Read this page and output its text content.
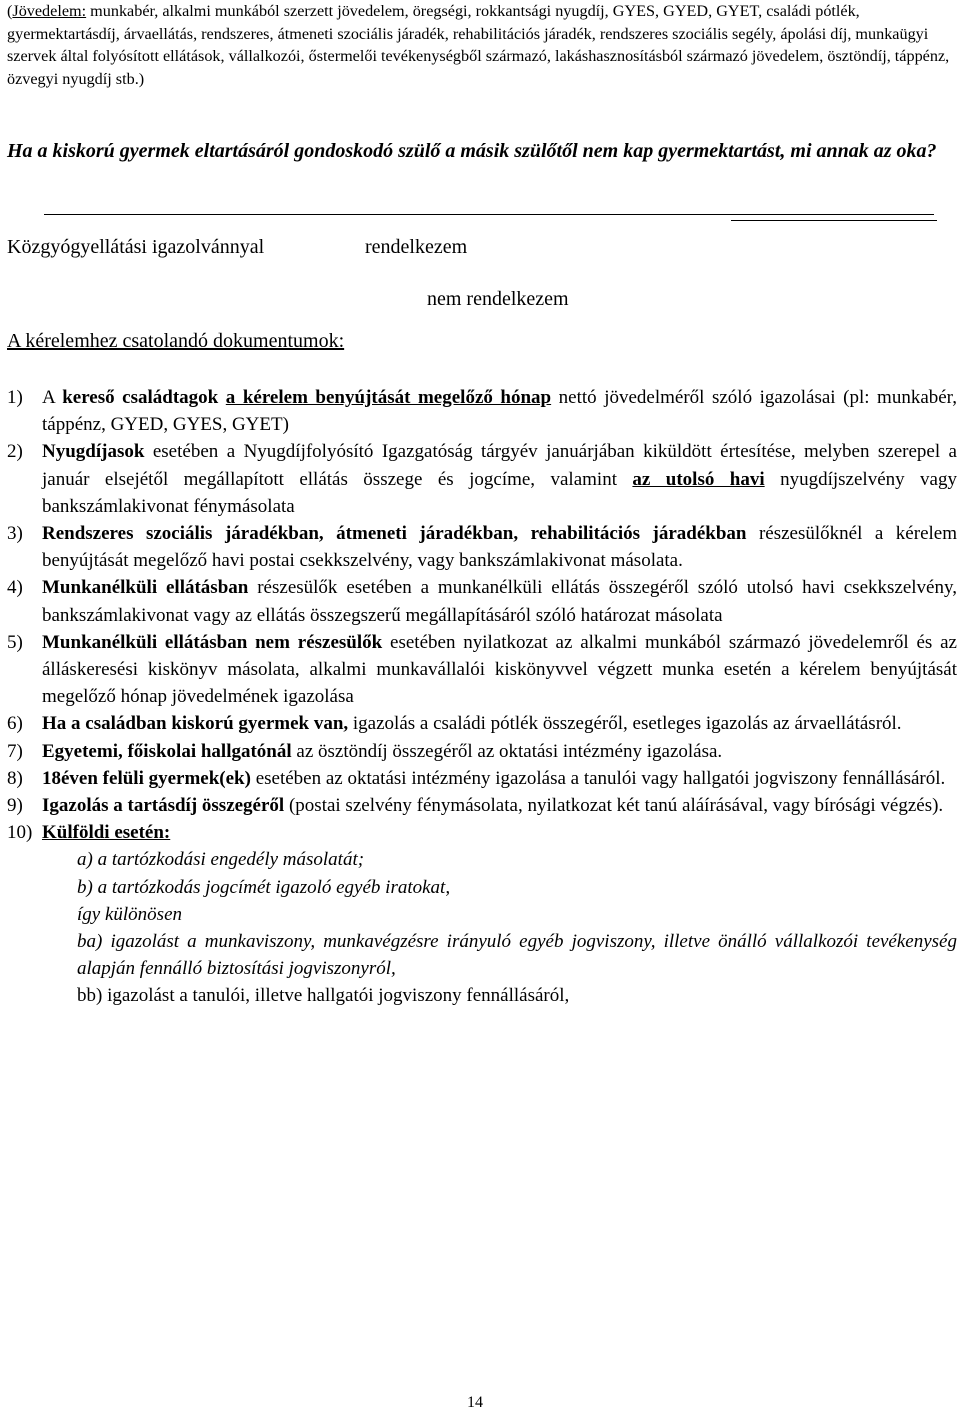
(Jövedelem: munkabér, alkalmi munkából szerzett jövedelem, öregségi, rokkantsági nyugdíj, GYES, GYED, GYET, családi pótlék, gyermektartásdíj, árvaellátás, rendszeres, átmeneti szociális járadék, rehabilitációs járadék, rendszeres szociális segély, ápolási díj, munkaügyi szervek által folyósított ellátások, vállalkozói, őstermelői tevékenységből származó, lakáshasznosításból származó jövedelem, ösztöndíj, táppénz, özvegyi nyugdíj stb.)
Ha a kiskorú gyermek eltartásáról gondoskodó szülő a másik szülőtől nem kap gyermektartást, mi annak az oka?
Közgyógyellátási igazolvánnyal	rendelkezem
nem rendelkezem
A kérelemhez csatolandó dokumentumok:
1) A kereső családtagok a kérelem benyújtását megelőző hónap nettó jövedelméről szóló igazolásai (pl: munkabér, táppénz, GYED, GYES, GYET)

2) Nyugdíjasok esetében a Nyugdíjfolyósító Igazgatóság tárgyév januárjában kiküldött értesítése, melyben szerepel a január elsejétől megállapított ellátás összege és jogcíme, valamint az utolsó havi nyugdíjszelvény vagy bankszámlakivonat fénymásolata

3) Rendszeres szociális járadékban, átmeneti járadékban, rehabilitációs járadékban részesülőknél a kérelem benyújtását megelőző havi postai csekkszelvény, vagy bankszámlakivonat másolata.

4) Munkanélküli ellátásban részesülők esetében a munkanélküli ellátás összegéről szóló utolsó havi csekkszelvény, bankszámlakivonat vagy az ellátás összegszerű megállapításáról szóló határozat másolata

5) Munkanélküli ellátásban nem részesülők esetében nyilatkozat az alkalmi munkából származó jövedelemről és az álláskeresési kiskönyv másolata, alkalmi munkavállalói kiskönyvvel végzett munka esetén a kérelem benyújtását megelőző hónap jövedelmének igazolása

6) Ha a családban kiskorú gyermek van, igazolás a családi pótlék összegéről, esetleges igazolás az árvaellátásról.

7) Egyetemi, főiskolai hallgatónál az ösztöndíj összegéről az oktatási intézmény igazolása.

8) 18éven felüli gyermek(ek) esetében az oktatási intézmény igazolása a tanulói vagy hallgatói jogviszony fennállásáról.

9) Igazolás a tartásdíj összegéről (postai szelvény fénymásolata, nyilatkozat két tanú aláírásával, vagy bírósági végzés).

10) Külföldi esetén:

a) a tartózkodási engedély másolatát;

b) a tartózkodás jogcímét igazoló egyéb iratokat,

így különösen

ba) igazolást a munkaviszony, munkavégzésre irányuló egyéb jogviszony, illetve önálló vállalkozói tevékenység alapján fennálló biztosítási jogviszonyról,

bb) igazolást a tanulói, illetve hallgatói jogviszony fennállásáról,

14
